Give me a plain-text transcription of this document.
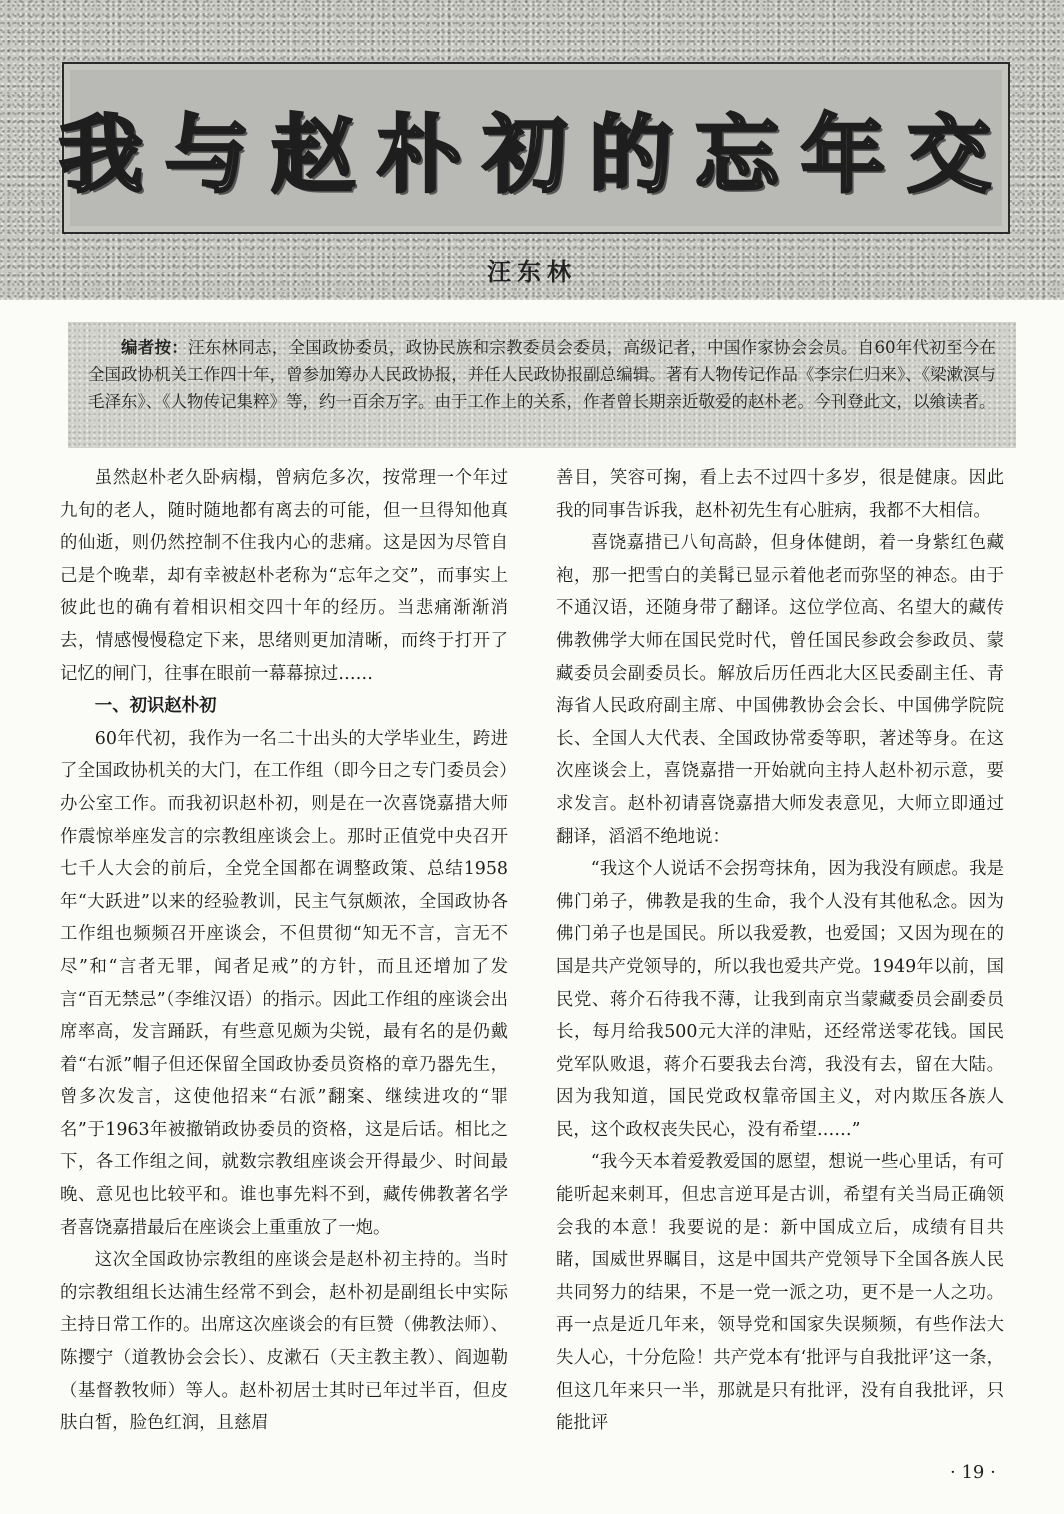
我与赵朴初的忘年交
汪东林
编者按：汪东林同志，全国政协委员，政协民族和宗教委员会委员，高级记者，中国作家协会会员。自60年代初至今在全国政协机关工作四十年，曾参加筹办人民政协报，并任人民政协报副总编辑。著有人物传记作品《李宗仁归来》、《梁漱溟与毛泽东》、《人物传记集粹》等，约一百余万字。由于工作上的关系，作者曾长期亲近敬爱的赵朴老。今刊登此文，以飨读者。

虽然赵朴老久卧病榻，曾病危多次，按常理一个年过九旬的老人，随时随地都有离去的可能，但一旦得知他真的仙逝，则仍然控制不住我内心的悲痛。这是因为尽管自己是个晚辈，却有幸被赵朴老称为“忘年之交”，而事实上彼此也的确有着相识相交四十年的经历。当悲痛渐渐消去，情感慢慢稳定下来，思绪则更加清晰，而终于打开了记忆的闸门，往事在眼前一幕幕掠过……

一、初识赵朴初

60年代初，我作为一名二十出头的大学毕业生，跨进了全国政协机关的大门，在工作组（即今日之专门委员会）办公室工作。而我初识赵朴初，则是在一次喜饶嘉措大师作震惊举座发言的宗教组座谈会上。那时正值党中央召开七千人大会的前后，全党全国都在调整政策、总结1958年“大跃进”以来的经验教训，民主气氛颇浓，全国政协各工作组也频频召开座谈会，不但贯彻“知无不言，言无不尽”和“言者无罪，闻者足戒”的方针，而且还增加了发言“百无禁忌”（李维汉语）的指示。因此工作组的座谈会出席率高，发言踊跃，有些意见颇为尖锐，最有名的是仍戴着“右派”帽子但还保留全国政协委员资格的章乃器先生，曾多次发言，这使他招来“右派”翻案、继续进攻的“罪名”于1963年被撤销政协委员的资格，这是后话。相比之下，各工作组之间，就数宗教组座谈会开得最少、时间最晚、意见也比较平和。谁也事先料不到，藏传佛教著名学者喜饶嘉措最后在座谈会上重重放了一炮。

这次全国政协宗教组的座谈会是赵朴初主持的。当时的宗教组组长达浦生经常不到会，赵朴初是副组长中实际主持日常工作的。出席这次座谈会的有巨赞（佛教法师）、陈撄宁（道教协会会长）、皮漱石（天主教主教）、阎迦勒（基督教牧师）等人。赵朴初居士其时已年过半百，但皮肤白皙，脸色红润，且慈眉

善目，笑容可掬，看上去不过四十多岁，很是健康。因此我的同事告诉我，赵朴初先生有心脏病，我都不大相信。

喜饶嘉措已八旬高龄，但身体健朗，着一身紫红色藏袍，那一把雪白的美髯已显示着他老而弥坚的神态。由于不通汉语，还随身带了翻译。这位学位高、名望大的藏传佛教佛学大师在国民党时代，曾任国民参政会参政员、蒙藏委员会副委员长。解放后历任西北大区民委副主任、青海省人民政府副主席、中国佛教协会会长、中国佛学院院长、全国人大代表、全国政协常委等职，著述等身。在这次座谈会上，喜饶嘉措一开始就向主持人赵朴初示意，要求发言。赵朴初请喜饶嘉措大师发表意见，大师立即通过翻译，滔滔不绝地说：

“我这个人说话不会拐弯抹角，因为我没有顾虑。我是佛门弟子，佛教是我的生命，我个人没有其他私念。因为佛门弟子也是国民。所以我爱教，也爱国；又因为现在的国是共产党领导的，所以我也爱共产党。1949年以前，国民党、蒋介石待我不薄，让我到南京当蒙藏委员会副委员长，每月给我500元大洋的津贴，还经常送零花钱。国民党军队败退，蒋介石要我去台湾，我没有去，留在大陆。因为我知道，国民党政权靠帝国主义，对内欺压各族人民，这个政权丧失民心，没有希望……”

“我今天本着爱教爱国的愿望，想说一些心里话，有可能听起来刺耳，但忠言逆耳是古训，希望有关当局正确领会我的本意！我要说的是：新中国成立后，成绩有目共睹，国威世界瞩目，这是中国共产党领导下全国各族人民共同努力的结果，不是一党一派之功，更不是一人之功。再一点是近几年来，领导党和国家失误频频，有些作法大失人心，十分危险！共产党本有‘批评与自我批评’这一条，但这几年来只一半，那就是只有批评，没有自我批评，只能批评

· 19 ·
